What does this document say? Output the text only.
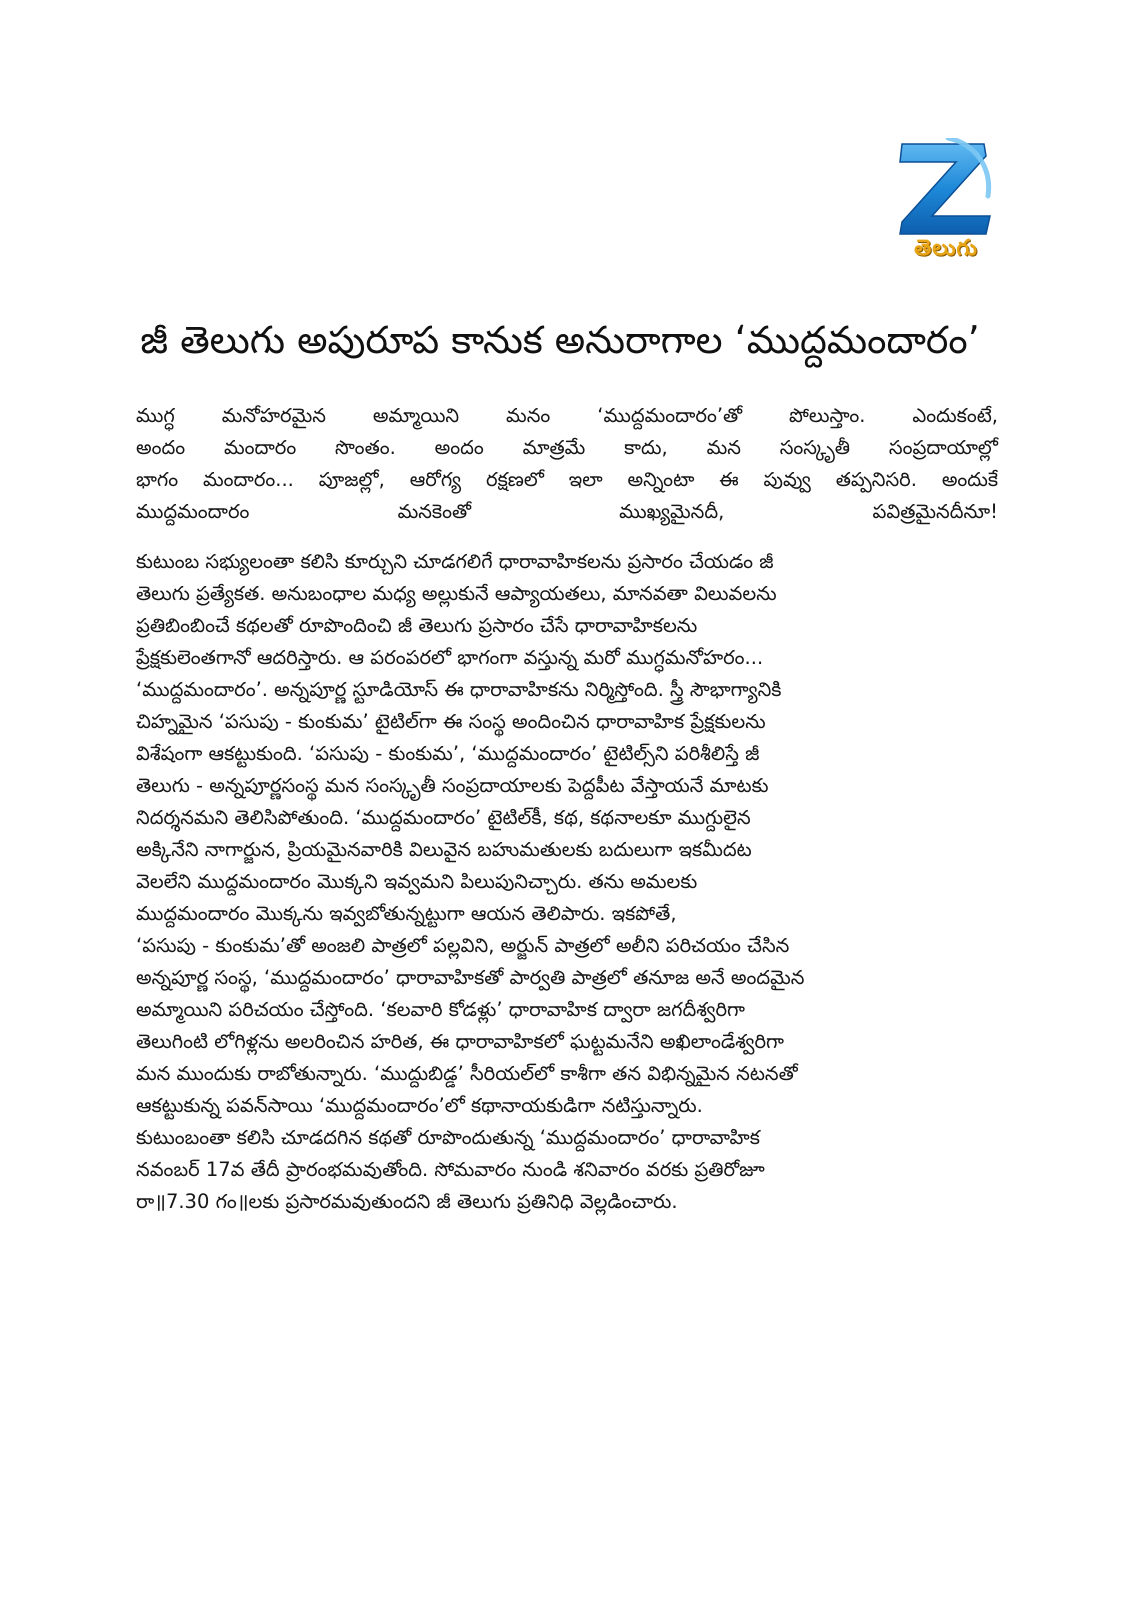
తెలుగు
జీ తెలుగు అపురూప కానుక అనురాగాల ‘ముద్దమందారం’
ముగ్ధ మనోహరమైన అమ్మాయిని మనం ‘ముద్దమందారం’తో పోలుస్తాం. ఎందుకంటే,
అందం మందారం సొంతం. అందం మాత్రమే కాదు, మన సంస్కృతీ సంప్రదాయాల్లో
భాగం మందారం... పూజల్లో, ఆరోగ్య రక్షణలో ఇలా అన్నింటా ఈ పువ్వు తప్పనిసరి. అందుకే
ముద్దమందారం మనకెంతో ముఖ్యమైనదీ, పవిత్రమైనదీనూ!
కుటుంబ సభ్యులంతా కలిసి కూర్చుని చూడగలిగే ధారావాహికలను ప్రసారం చేయడం జీ
తెలుగు ప్రత్యేకత. అనుబంధాల మధ్య అల్లుకునే ఆప్యాయతలు, మానవతా విలువలను
ప్రతిబింబించే కథలతో రూపొందించి జీ తెలుగు ప్రసారం చేసే ధారావాహికలను
ప్రేక్షకులెంతగానో ఆదరిస్తారు. ఆ పరంపరలో భాగంగా వస్తున్న మరో ముగ్ధమనోహరం...
‘ముద్దమందారం’. అన్నపూర్ణ స్టూడియోస్ ఈ ధారావాహికను నిర్మిస్తోంది. స్త్రీ సౌభాగ్యానికి
చిహ్నమైన ‘పసుపు - కుంకుమ’ టైటిల్‌గా ఈ సంస్థ అందించిన ధారావాహిక ప్రేక్షకులను
విశేషంగా ఆకట్టుకుంది. ‘పసుపు - కుంకుమ’, ‘ముద్దమందారం’ టైటిల్స్‌ని పరిశీలిస్తే జీ
తెలుగు - అన్నపూర్ణసంస్థ మన సంస్కృతీ సంప్రదాయాలకు పెద్దపీట వేస్తాయనే మాటకు
నిదర్శనమని తెలిసిపోతుంది. ‘ముద్దమందారం’ టైటిల్‌కీ, కథ, కథనాలకూ ముగ్దులైన
అక్కినేని నాగార్జున, ప్రియమైనవారికి విలువైన బహుమతులకు బదులుగా ఇకమీదట
వెలలేని ముద్దమందారం మొక్కని ఇవ్వమని పిలుపునిచ్చారు. తను అమలకు
ముద్దమందారం మొక్కను ఇవ్వబోతున్నట్టుగా ఆయన తెలిపారు. ఇకపోతే,
‘పసుపు - కుంకుమ’తో అంజలి పాత్రలో పల్లవిని, అర్జున్ పాత్రలో అలీని పరిచయం చేసిన
అన్నపూర్ణ సంస్థ, ‘ముద్దమందారం’ ధారావాహికతో పార్వతి పాత్రలో తనూజ అనే అందమైన
అమ్మాయిని పరిచయం చేస్తోంది. ‘కలవారి కోడళ్లు’ ధారావాహిక ద్వారా జగదీశ్వరిగా
తెలుగింటి లోగిళ్లను అలరించిన హరిత, ఈ ధారావాహికలో ఘట్టమనేని అఖిలాండేశ్వరిగా
మన ముందుకు రాబోతున్నారు. ‘ముద్దుబిడ్డ’ సీరియల్‌లో కాశీగా తన విభిన్నమైన నటనతో
ఆకట్టుకున్న పవన్‌సాయి ‘ముద్దమందారం’లో కథానాయకుడిగా నటిస్తున్నారు.
కుటుంబంతా కలిసి చూడదగిన కథతో రూపొందుతున్న ‘ముద్దమందారం’ ధారావాహిక
నవంబర్ 17వ తేదీ ప్రారంభమవుతోంది. సోమవారం నుండి శనివారం వరకు ప్రతిరోజూ
రా॥7.30 గం॥లకు ప్రసారమవుతుందని జీ తెలుగు ప్రతినిధి వెల్లడించారు.
